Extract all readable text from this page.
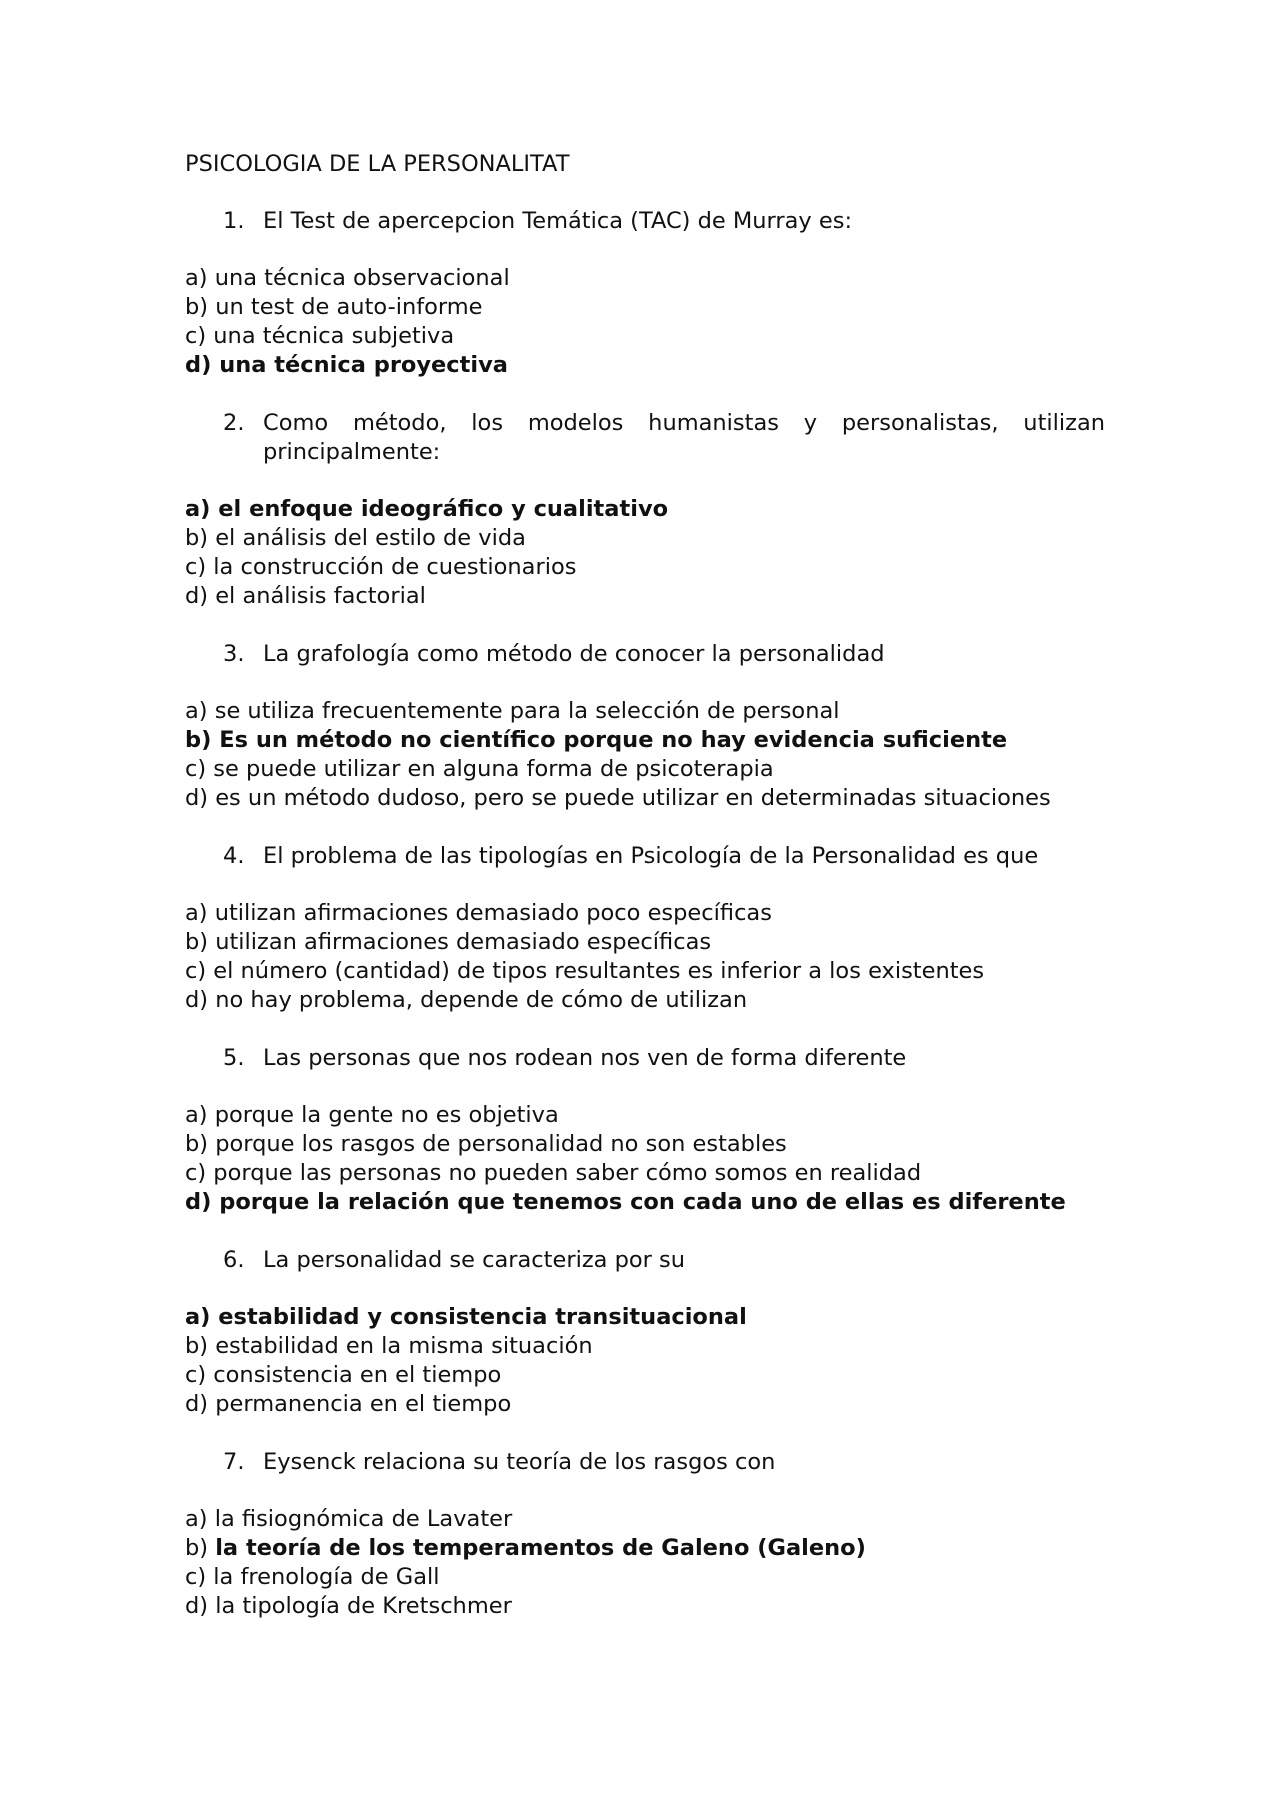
PSICOLOGIA DE LA PERSONALITAT
1. El Test de apercepcion Temática (TAC) de Murray es:
a) una técnica observacional
b) un test de auto-informe
c) una técnica subjetiva
d) una técnica proyectiva
2. Como método, los modelos humanistas y personalistas, utilizan principalmente:
a) el enfoque ideográfico y cualitativo
b) el análisis del estilo de vida
c) la construcción de cuestionarios
d) el análisis factorial
3. La grafología como método de conocer la personalidad
a) se utiliza frecuentemente para la selección de personal
b) Es un método no científico porque no hay evidencia suficiente
c) se puede utilizar en alguna forma de psicoterapia
d) es un método dudoso, pero se puede utilizar en determinadas situaciones
4. El problema de las tipologías en Psicología de la Personalidad es que
a) utilizan afirmaciones demasiado poco específicas
b) utilizan afirmaciones demasiado específicas
c) el número (cantidad) de tipos resultantes es inferior a los existentes
d) no hay problema, depende de cómo de utilizan
5. Las personas que nos rodean nos ven de forma diferente
a) porque la gente no es objetiva
b) porque los rasgos de personalidad no son estables
c) porque las personas no pueden saber cómo somos en realidad
d) porque la relación que tenemos con cada uno de ellas es diferente
6. La personalidad se caracteriza por su
a) estabilidad y consistencia transituacional
b) estabilidad en la misma situación
c) consistencia en el tiempo
d) permanencia en el tiempo
7. Eysenck relaciona su teoría de los rasgos con
a) la fisiognómica de Lavater
b) la teoría de los temperamentos de Galeno (Galeno)
c) la frenología de Gall
d) la tipología de Kretschmer
